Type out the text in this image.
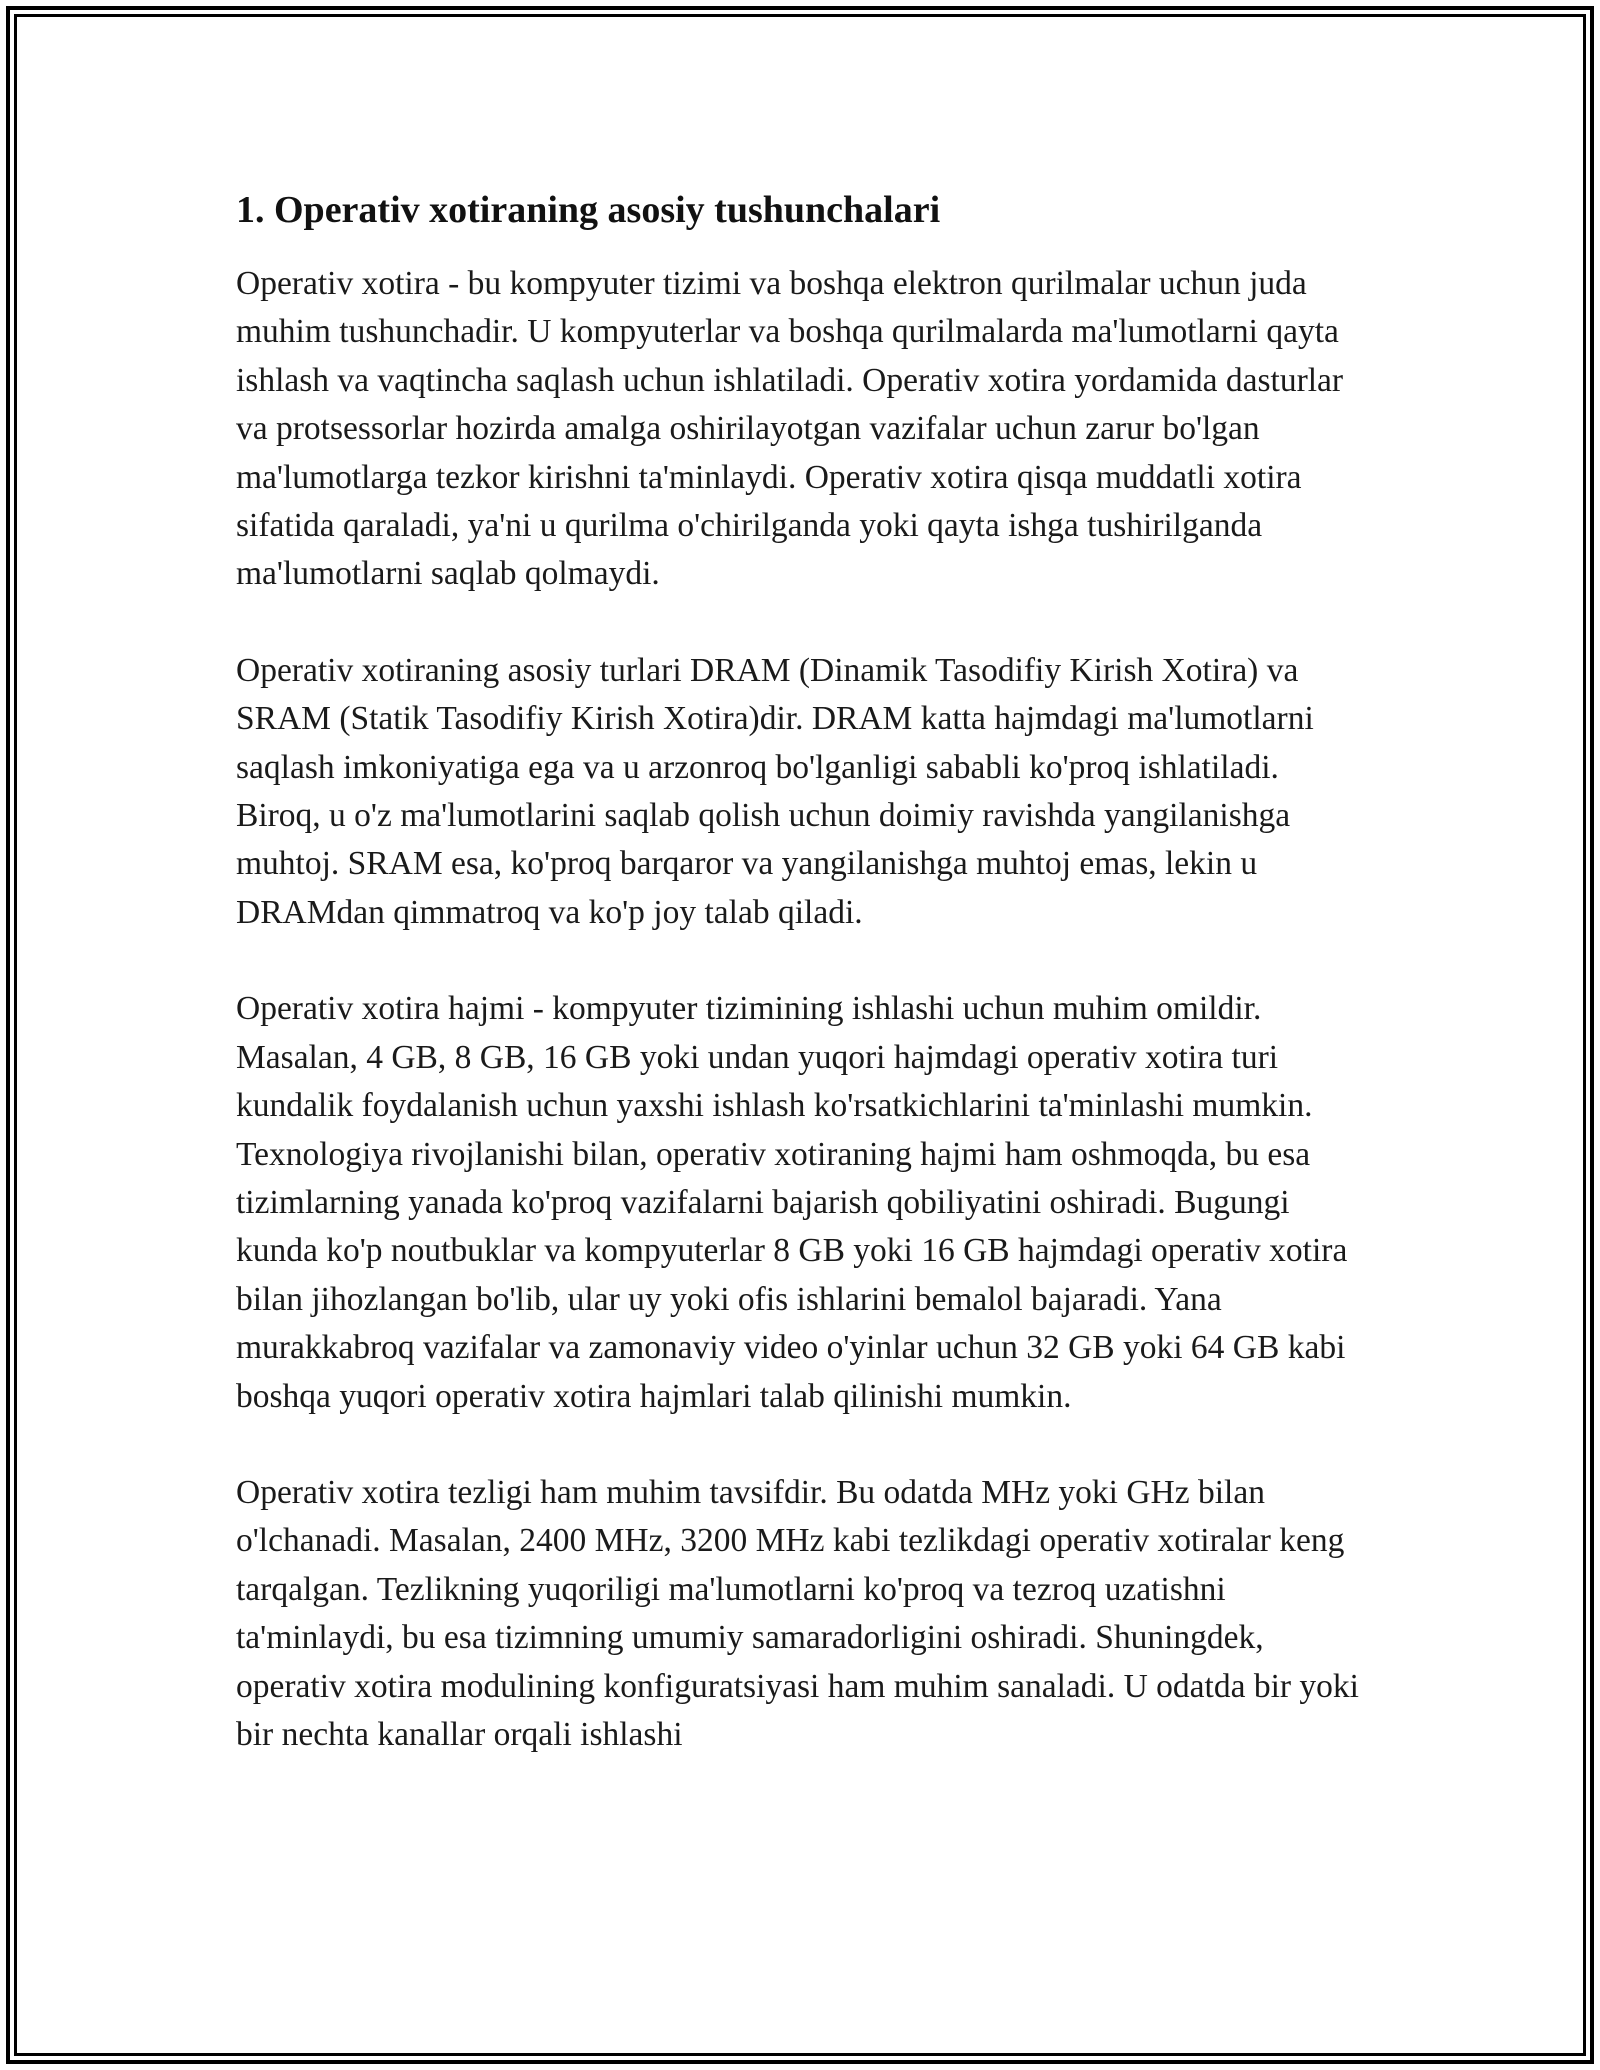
1. Operativ xotiraning asosiy tushunchalari

Operativ xotira - bu kompyuter tizimi va boshqa elektron qurilmalar uchun juda muhim tushunchadir. U kompyuterlar va boshqa qurilmalarda ma'lumotlarni qayta ishlash va vaqtincha saqlash uchun ishlatiladi. Operativ xotira yordamida dasturlar va protsessorlar hozirda amalga oshirilayotgan vazifalar uchun zarur bo'lgan ma'lumotlarga tezkor kirishni ta'minlaydi. Operativ xotira qisqa muddatli xotira sifatida qaraladi, ya'ni u qurilma o'chirilganda yoki qayta ishga tushirilganda ma'lumotlarni saqlab qolmaydi.

Operativ xotiraning asosiy turlari DRAM (Dinamik Tasodifiy Kirish Xotira) va SRAM (Statik Tasodifiy Kirish Xotira)dir. DRAM katta hajmdagi ma'lumotlarni saqlash imkoniyatiga ega va u arzonroq bo'lganligi sababli ko'proq ishlatiladi. Biroq, u o'z ma'lumotlarini saqlab qolish uchun doimiy ravishda yangilanishga muhtoj. SRAM esa, ko'proq barqaror va yangilanishga muhtoj emas, lekin u DRAMdan qimmatroq va ko'p joy talab qiladi.

Operativ xotira hajmi - kompyuter tizimining ishlashi uchun muhim omildir. Masalan, 4 GB, 8 GB, 16 GB yoki undan yuqori hajmdagi operativ xotira turi kundalik foydalanish uchun yaxshi ishlash ko'rsatkichlarini ta'minlashi mumkin. Texnologiya rivojlanishi bilan, operativ xotiraning hajmi ham oshmoqda, bu esa tizimlarning yanada ko'proq vazifalarni bajarish qobiliyatini oshiradi. Bugungi kunda ko'p noutbuklar va kompyuterlar 8 GB yoki 16 GB hajmdagi operativ xotira bilan jihozlangan bo'lib, ular uy yoki ofis ishlarini bemalol bajaradi. Yana murakkabroq vazifalar va zamonaviy video o'yinlar uchun 32 GB yoki 64 GB kabi boshqa yuqori operativ xotira hajmlari talab qilinishi mumkin.

Operativ xotira tezligi ham muhim tavsifdir. Bu odatda MHz yoki GHz bilan o'lchanadi. Masalan, 2400 MHz, 3200 MHz kabi tezlikdagi operativ xotiralar keng tarqalgan. Tezlikning yuqoriligi ma'lumotlarni ko'proq va tezroq uzatishni ta'minlaydi, bu esa tizimning umumiy samaradorligini oshiradi. Shuningdek, operativ xotira modulining konfiguratsiyasi ham muhim sanaladi. U odatda bir yoki bir nechta kanallar orqali ishlashi
